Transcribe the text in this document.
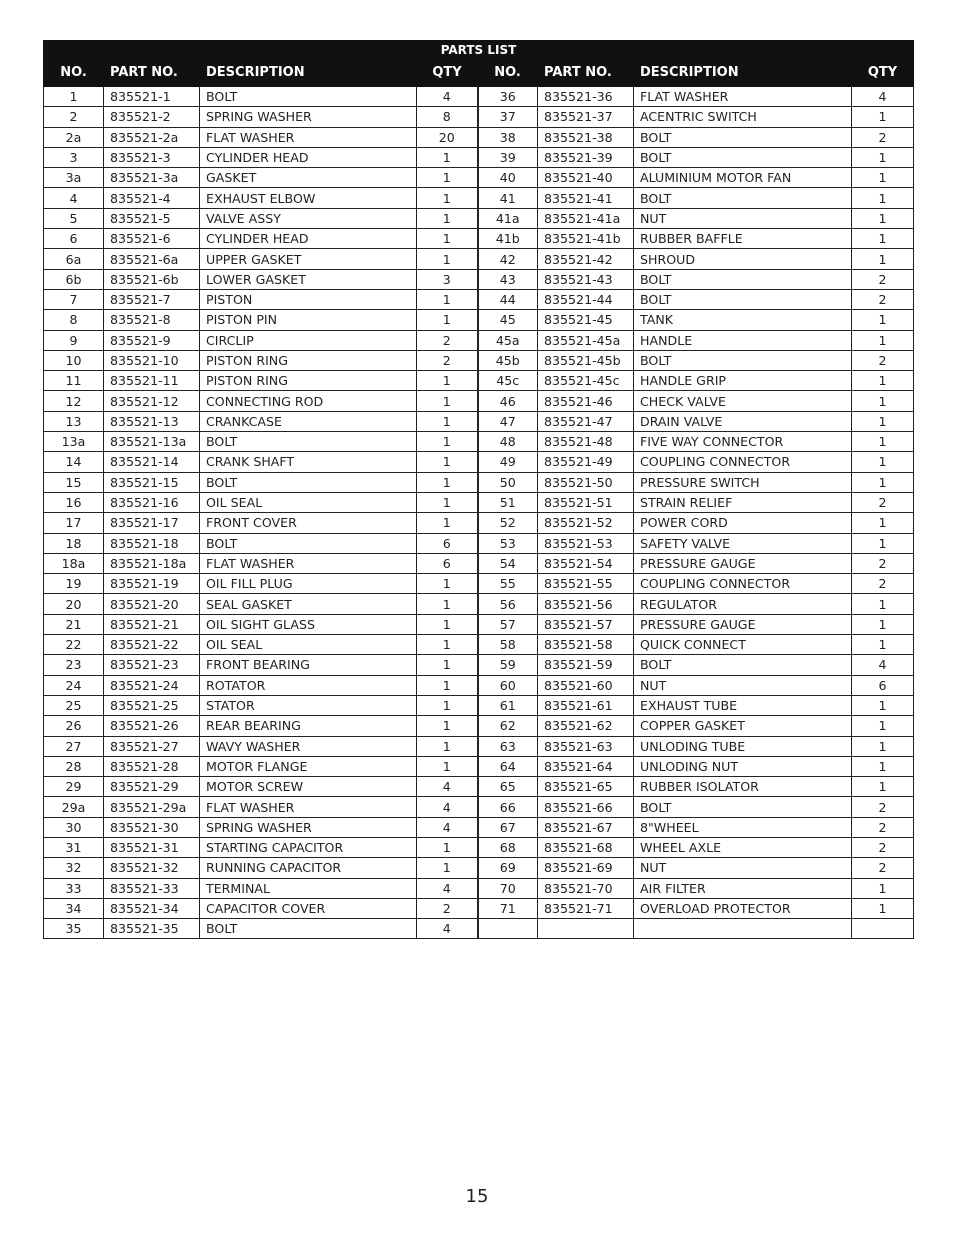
PARTS LIST							
NO.	PART NO.	DESCRIPTION	QTY	NO.	PART NO.	DESCRIPTION	QTY
1	835521-1	BOLT	4	36	835521-36	FLAT WASHER	4
2	835521-2	SPRING WASHER	8	37	835521-37	ACENTRIC SWITCH	1
2a	835521-2a	FLAT WASHER	20	38	835521-38	BOLT	2
3	835521-3	CYLINDER HEAD	1	39	835521-39	BOLT	1
3a	835521-3a	GASKET	1	40	835521-40	ALUMINIUM MOTOR FAN	1
4	835521-4	EXHAUST ELBOW	1	41	835521-41	BOLT	1
5	835521-5	VALVE ASSY	1	41a	835521-41a	NUT	1
6	835521-6	CYLINDER HEAD	1	41b	835521-41b	RUBBER BAFFLE	1
6a	835521-6a	UPPER GASKET	1	42	835521-42	SHROUD	1
6b	835521-6b	LOWER GASKET	3	43	835521-43	BOLT	2
7	835521-7	PISTON	1	44	835521-44	BOLT	2
8	835521-8	PISTON PIN	1	45	835521-45	TANK	1
9	835521-9	CIRCLIP	2	45a	835521-45a	HANDLE	1
10	835521-10	PISTON RING	2	45b	835521-45b	BOLT	2
11	835521-11	PISTON RING	1	45c	835521-45c	HANDLE GRIP	1
12	835521-12	CONNECTING ROD	1	46	835521-46	CHECK VALVE	1
13	835521-13	CRANKCASE	1	47	835521-47	DRAIN VALVE	1
13a	835521-13a	BOLT	1	48	835521-48	FIVE WAY CONNECTOR	1
14	835521-14	CRANK SHAFT	1	49	835521-49	COUPLING CONNECTOR	1
15	835521-15	BOLT	1	50	835521-50	PRESSURE SWITCH	1
16	835521-16	OIL SEAL	1	51	835521-51	STRAIN RELIEF	2
17	835521-17	FRONT COVER	1	52	835521-52	POWER CORD	1
18	835521-18	BOLT	6	53	835521-53	SAFETY VALVE	1
18a	835521-18a	FLAT WASHER	6	54	835521-54	PRESSURE GAUGE	2
19	835521-19	OIL FILL PLUG	1	55	835521-55	COUPLING CONNECTOR	2
20	835521-20	SEAL GASKET	1	56	835521-56	REGULATOR	1
21	835521-21	OIL SIGHT GLASS	1	57	835521-57	PRESSURE GAUGE	1
22	835521-22	OIL SEAL	1	58	835521-58	QUICK CONNECT	1
23	835521-23	FRONT BEARING	1	59	835521-59	BOLT	4
24	835521-24	ROTATOR	1	60	835521-60	NUT	6
25	835521-25	STATOR	1	61	835521-61	EXHAUST TUBE	1
26	835521-26	REAR BEARING	1	62	835521-62	COPPER GASKET	1
27	835521-27	WAVY WASHER	1	63	835521-63	UNLODING TUBE	1
28	835521-28	MOTOR FLANGE	1	64	835521-64	UNLODING NUT	1
29	835521-29	MOTOR SCREW	4	65	835521-65	RUBBER ISOLATOR	1
29a	835521-29a	FLAT WASHER	4	66	835521-66	BOLT	2
30	835521-30	SPRING WASHER	4	67	835521-67	8"WHEEL	2
31	835521-31	STARTING CAPACITOR	1	68	835521-68	WHEEL AXLE	2
32	835521-32	RUNNING CAPACITOR	1	69	835521-69	NUT	2
33	835521-33	TERMINAL	4	70	835521-70	AIR FILTER	1
34	835521-34	CAPACITOR COVER	2	71	835521-71	OVERLOAD PROTECTOR	1
35	835521-35	BOLT	4				
15
